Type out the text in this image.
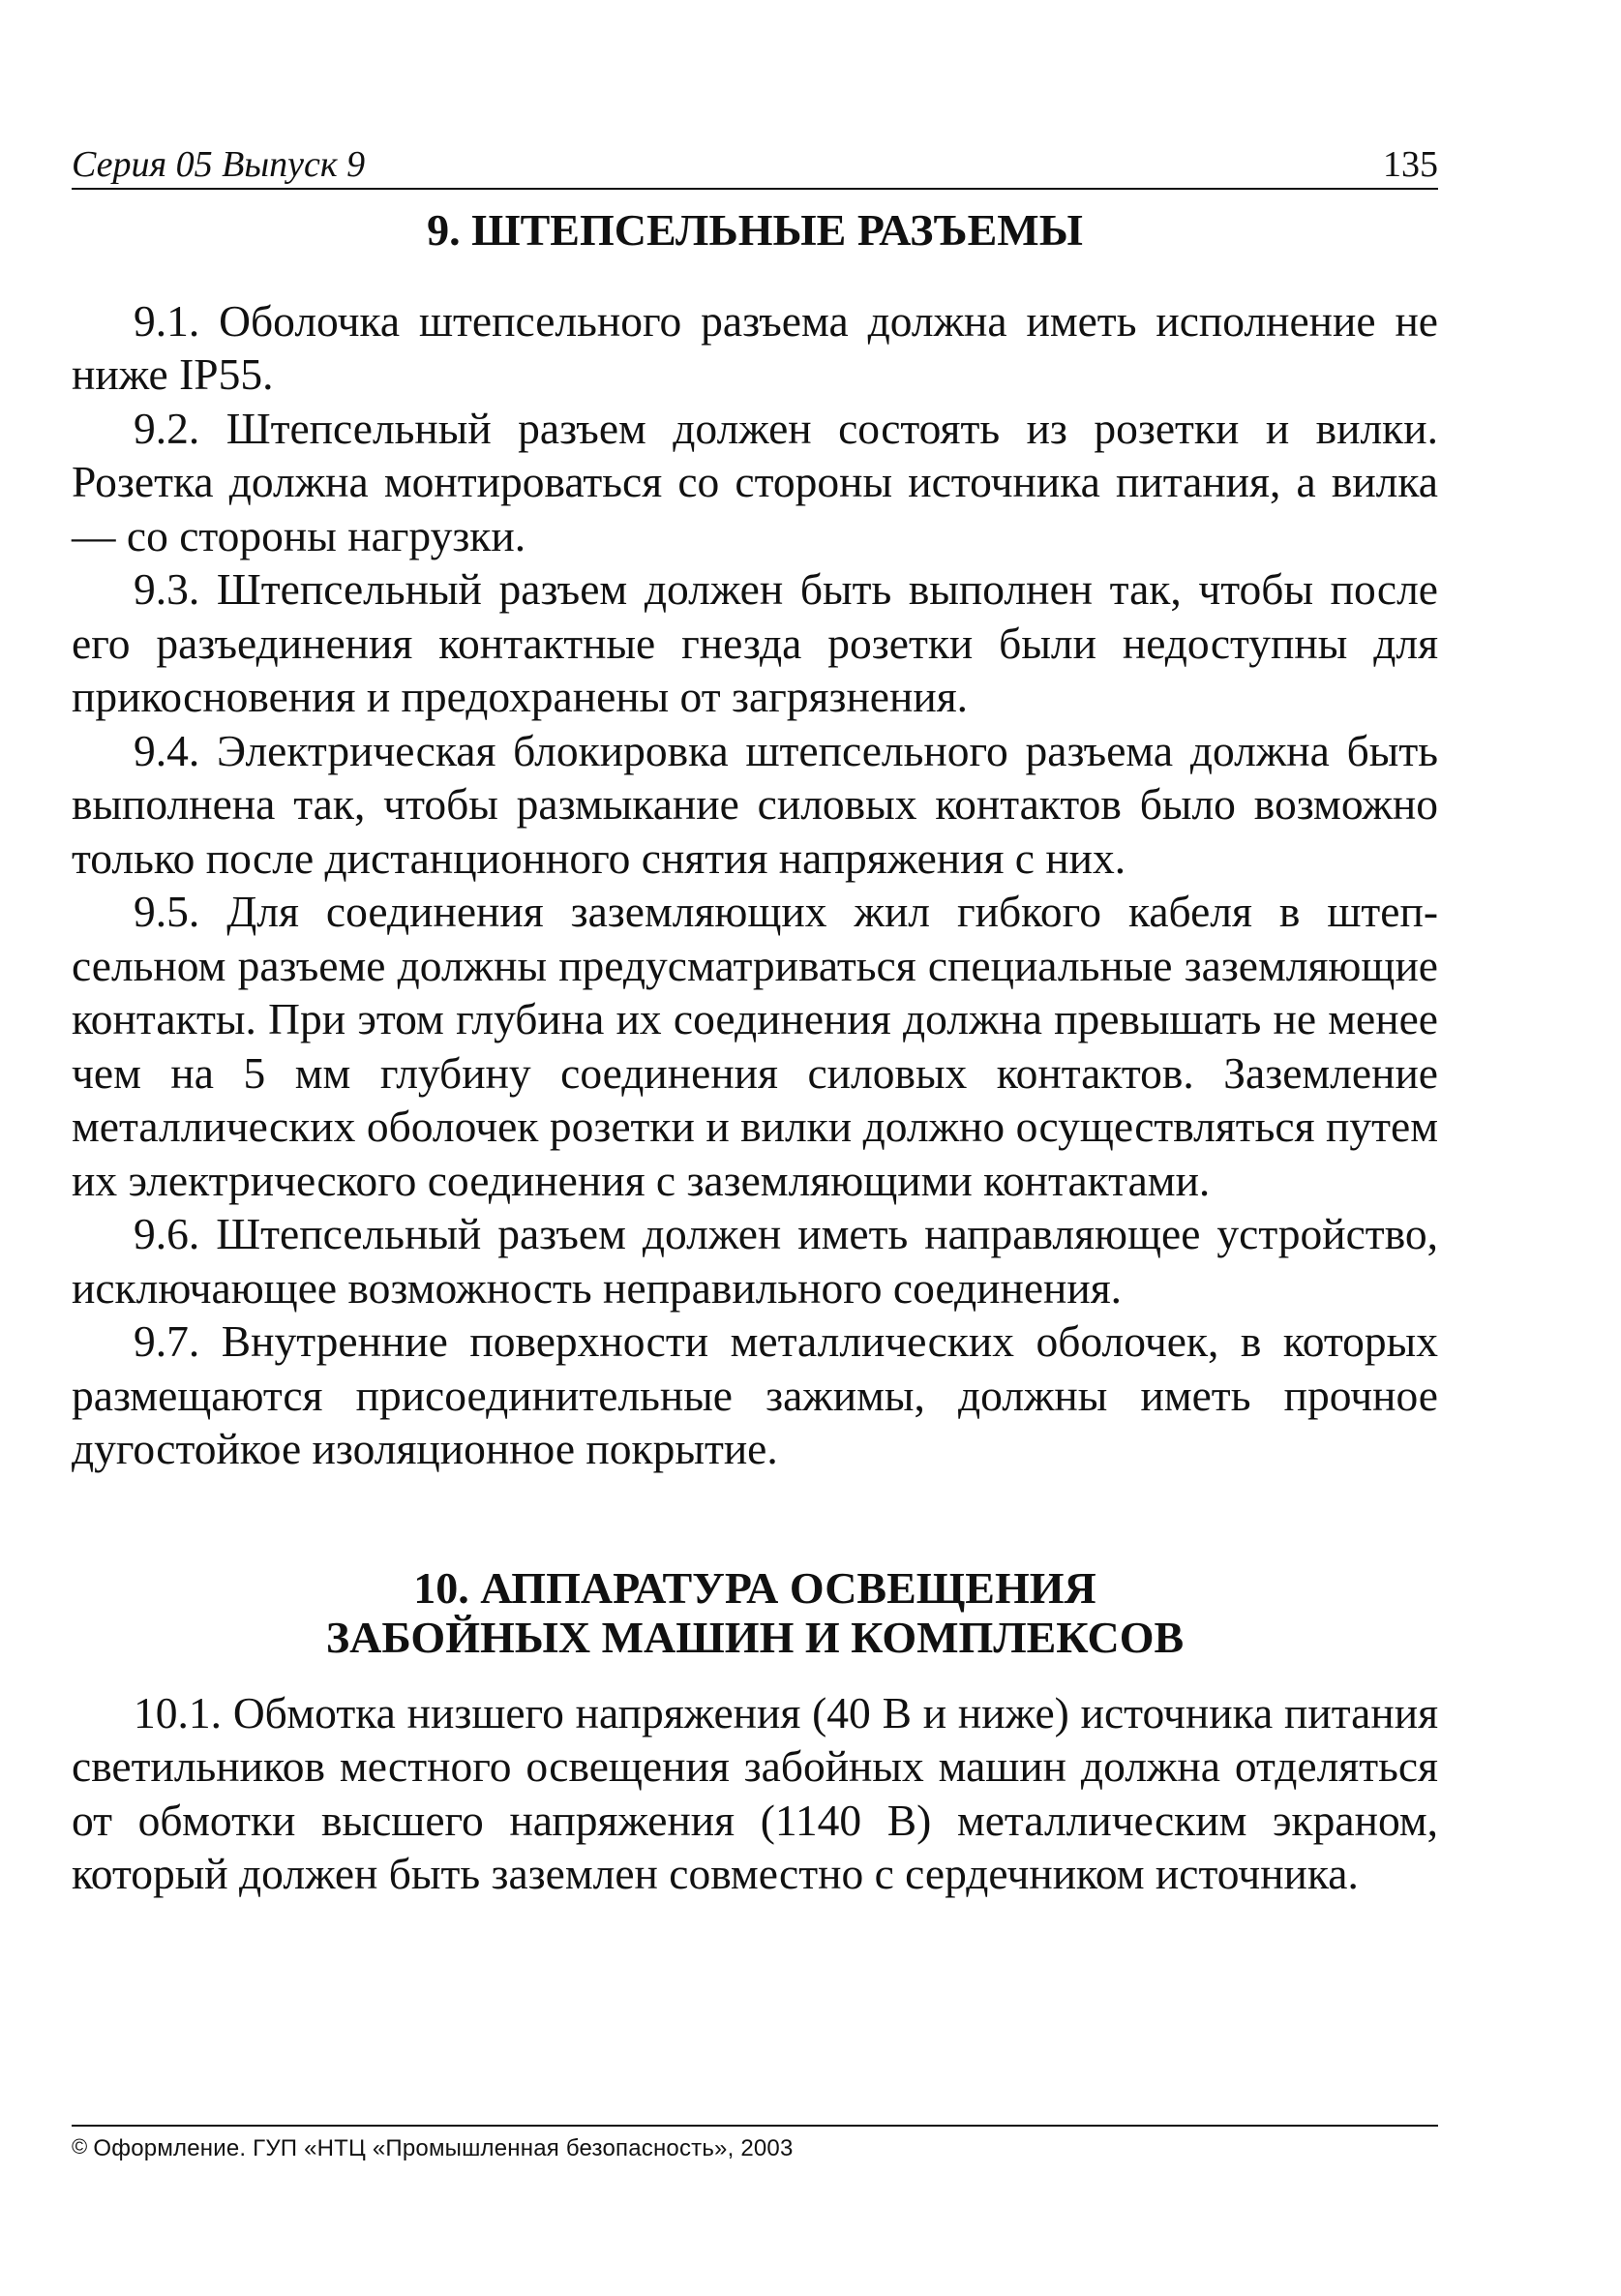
Серия 05 Выпуск 9	135
9. ШТЕПСЕЛЬНЫЕ РАЗЪЕМЫ

9.1. Оболочка штепсельного разъема должна иметь исполнение не ниже IP55.

9.2. Штепсельный разъем должен состоять из розетки и вилки. Розетка должна монтироваться со стороны источника питания, а вилка — со стороны нагрузки.

9.3. Штепсельный разъем должен быть выполнен так, чтобы после его разъединения контактные гнезда розетки были недоступны для прикосновения и предохранены от загрязнения.

9.4. Электрическая блокировка штепсельного разъема должна быть выполнена так, чтобы размыкание силовых контактов было возможно только после дистанционного снятия напряжения с них.

9.5. Для соединения заземляющих жил гибкого кабеля в штепсельном разъеме должны предусматриваться специальные заземляющие контакты. При этом глубина их соединения должна превышать не менее чем на 5 мм глубину соединения силовых контактов. Заземление металлических оболочек розетки и вилки должно осуществляться путем их электрического соединения с заземляющими контактами.

9.6. Штепсельный разъем должен иметь направляющее устройство, исключающее возможность неправильного соединения.

9.7. Внутренние поверхности металлических оболочек, в которых размещаются присоединительные зажимы, должны иметь прочное дугостойкое изоляционное покрытие.

10. АППАРАТУРА ОСВЕЩЕНИЯ
ЗАБОЙНЫХ МАШИН И КОМПЛЕКСОВ

10.1. Обмотка низшего напряжения (40 В и ниже) источника питания светильников местного освещения забойных машин должна отделяться от обмотки высшего напряжения (1140 В) металлическим экраном, который должен быть заземлен совместно с сердечником источника.

© Оформление. ГУП «НТЦ «Промышленная безопасность», 2003
